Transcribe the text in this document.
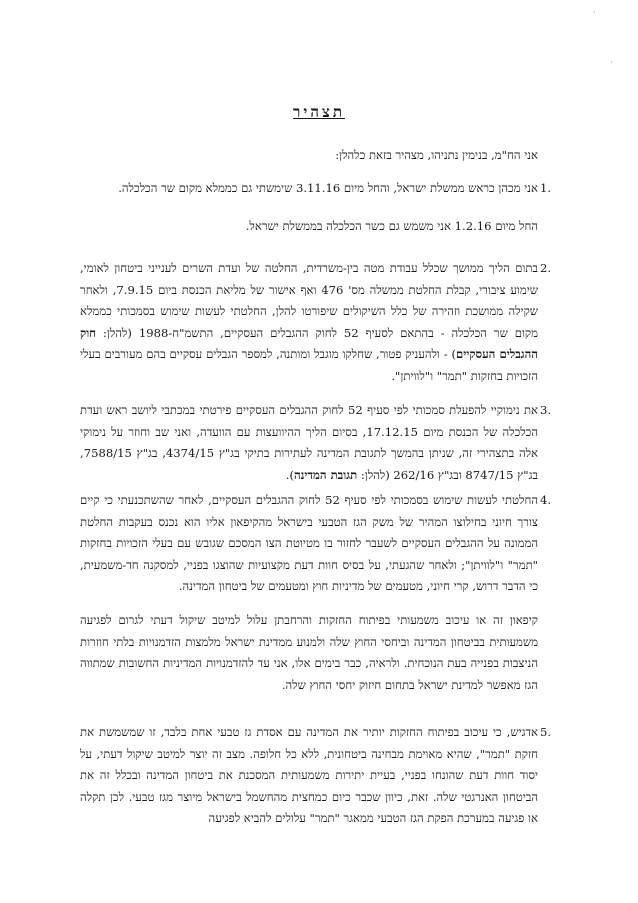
·
·
תצהיר
אני הח"מ, בנימין נתניהו, מצהיר בזאת כלהלן:
1.
אני מכהן כראש ממשלת ישראל, והחל מיום 3.11.16 שימשתי גם כממלא מקום שר הכלכלה.
החל מיום 1.2.16 אני משמש גם כשר הכלכלה בממשלת ישראל.
2.
בתום הליך ממושך שכלל עבודת מטה בין-משרדית, החלטה של ועדת השרים לענייני ביטחון לאומי, שימוע ציבורי, קבלת החלטת ממשלה מס' 476 ואף אישור של מליאת הכנסת ביום 7.9.15, ולאחר שקילה ממושכת וזהירה של כלל השיקולים שיפורטו להלן, החלטתי לעשות שימוש בסמכותי כממלא מקום שר הכלכלה - בהתאם לסעיף 52 לחוק ההגבלים העסקיים, התשמ"ח-1988 (להלן: חוק ההגבלים העסקיים) - ולהעניק פטור, שחלקו מוגבל ומותנה, למספר הגבלים עסקיים בהם מעורבים בעלי הזכויות בחזקות "תמר" ו"לוויתן".
3.
את נימוקיי להפעלת סמכותי לפי סעיף 52 לחוק ההגבלים העסקיים פירטתי במכתבי ליושב ראש ועדת הכלכלה של הכנסת מיום 17.12.15, בסיום הליך ההיוועצות עם הוועדה, ואני שב וחוזר על נימוקי אלה בתצהירי זה, שניתן בהמשך לתגובת המדינה לעתירות בתיקי בג"ץ 4374/15, בג"ץ 7588/15, בג"ץ 8747/15 ובג"ץ 262/16 (להלן: תגובת המדינה).
4.
החלטתי לעשות שימוש בסמכותי לפי סעיף 52 לחוק ההגבלים העסקיים, לאחר שהשתכנעתי כי קיים צורך חיוני בחילוצו המהיר של משק הגז הטבעי בישראל מהקיפאון אליו הוא נכנס בעקבות החלטת הממונה על ההגבלים העסקיים לשעבר לחזור בו מטיוטת הצו המסכם שגובש עם בעלי הזכויות בחזקות "תמר" ו"לוויתן"; ולאחר שהגעתי, על בסיס חוות דעת מקצועיות שהוצגו בפניי, למסקנה חד-משמעית, כי הדבר דרוש, קרי חיוני, מטעמים של מדיניות חוץ ומטעמים של ביטחון המדינה.
קיפאון זה או עיכוב משמעותי בפיתוח החזקות והרחבתן עלול למיטב שיקול דעתי לגרום לפגיעה משמעותית בביטחון המדינה וביחסי החוץ שלה ולמנוע ממדינת ישראל מלמצות הזדמנויות בלתי חוזרות הניצבות בפנייה בעת הנוכחית. ולראיה, כבר בימים אלו, אני עד להזדמנויות המדיניות החשובות שמתווה הגז מאפשר למדינת ישראל בתחום חיזוק יחסי החוץ שלה.
5.
אדגיש, כי עיכוב בפיתוח החזקות יותיר את המדינה עם אסדת גז טבעי אחת בלבד, זו שמשמשת את חזקת "תמר", שהיא מאוימת מבחינה ביטחונית, ללא כל חלופה. מצב זה יוצר למיטב שיקול דעתי, על יסוד חוות דעת שהונחו בפניי, בעיית יתירות משמעותית המסכנת את ביטחון המדינה ובכלל זה את הביטחון האנרגטי שלה. זאת, כיוון שכבר כיום כמחצית מהחשמל בישראל מיוצר מגז טבעי. לכן תקלה או פגיעה במערכת הפקת הגז הטבעי ממאגר "תמר" עלולים להביא לפגיעה
